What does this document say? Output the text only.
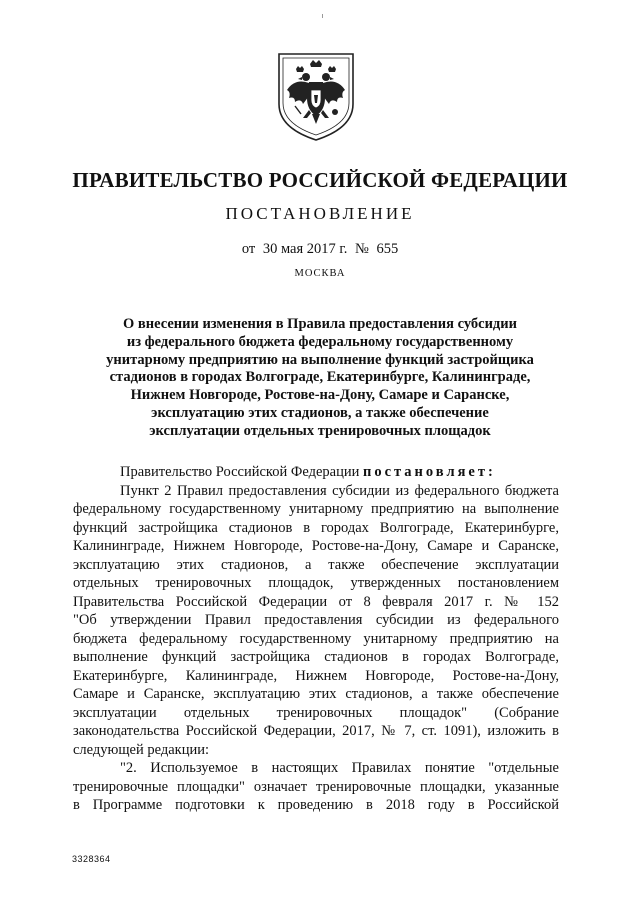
ПРАВИТЕЛЬСТВО РОССИЙСКОЙ ФЕДЕРАЦИИ
ПОСТАНОВЛЕНИЕ
от 30 мая 2017 г. № 655
МОСКВА
О внесении изменения в Правила предоставления субсидии
из федерального бюджета федеральному государственному
унитарному предприятию на выполнение функций застройщика
стадионов в городах Волгограде, Екатеринбурге, Калининграде,
Нижнем Новгороде, Ростове-на-Дону, Самаре и Саранске,
эксплуатацию этих стадионов, а также обеспечение
эксплуатации отдельных тренировочных площадок

Правительство Российской Федерации постановляет:

Пункт 2 Правил предоставления субсидии из федерального бюджета
федеральному государственному унитарному предприятию на выполнение
функций застройщика стадионов в городах Волгограде, Екатеринбурге,
Калининграде, Нижнем Новгороде, Ростове-на-Дону, Самаре и Саранске,
эксплуатацию этих стадионов, а также обеспечение эксплуатации
отдельных тренировочных площадок, утвержденных постановлением
Правительства Российской Федерации от 8 февраля 2017 г. № 152
"Об утверждении Правил предоставления субсидии из федерального
бюджета федеральному государственному унитарному предприятию на
выполнение функций застройщика стадионов в городах Волгограде,
Екатеринбурге, Калининграде, Нижнем Новгороде, Ростове-на-Дону,
Самаре и Саранске, эксплуатацию этих стадионов, а также обеспечение
эксплуатации отдельных тренировочных площадок" (Собрание
законодательства Российской Федерации, 2017, № 7, ст. 1091), изложить в
следующей редакции:

"2. Используемое в настоящих Правилах понятие "отдельные
тренировочные площадки" означает тренировочные площадки, указанные
в Программе подготовки к проведению в 2018 году в Российской

3328364
